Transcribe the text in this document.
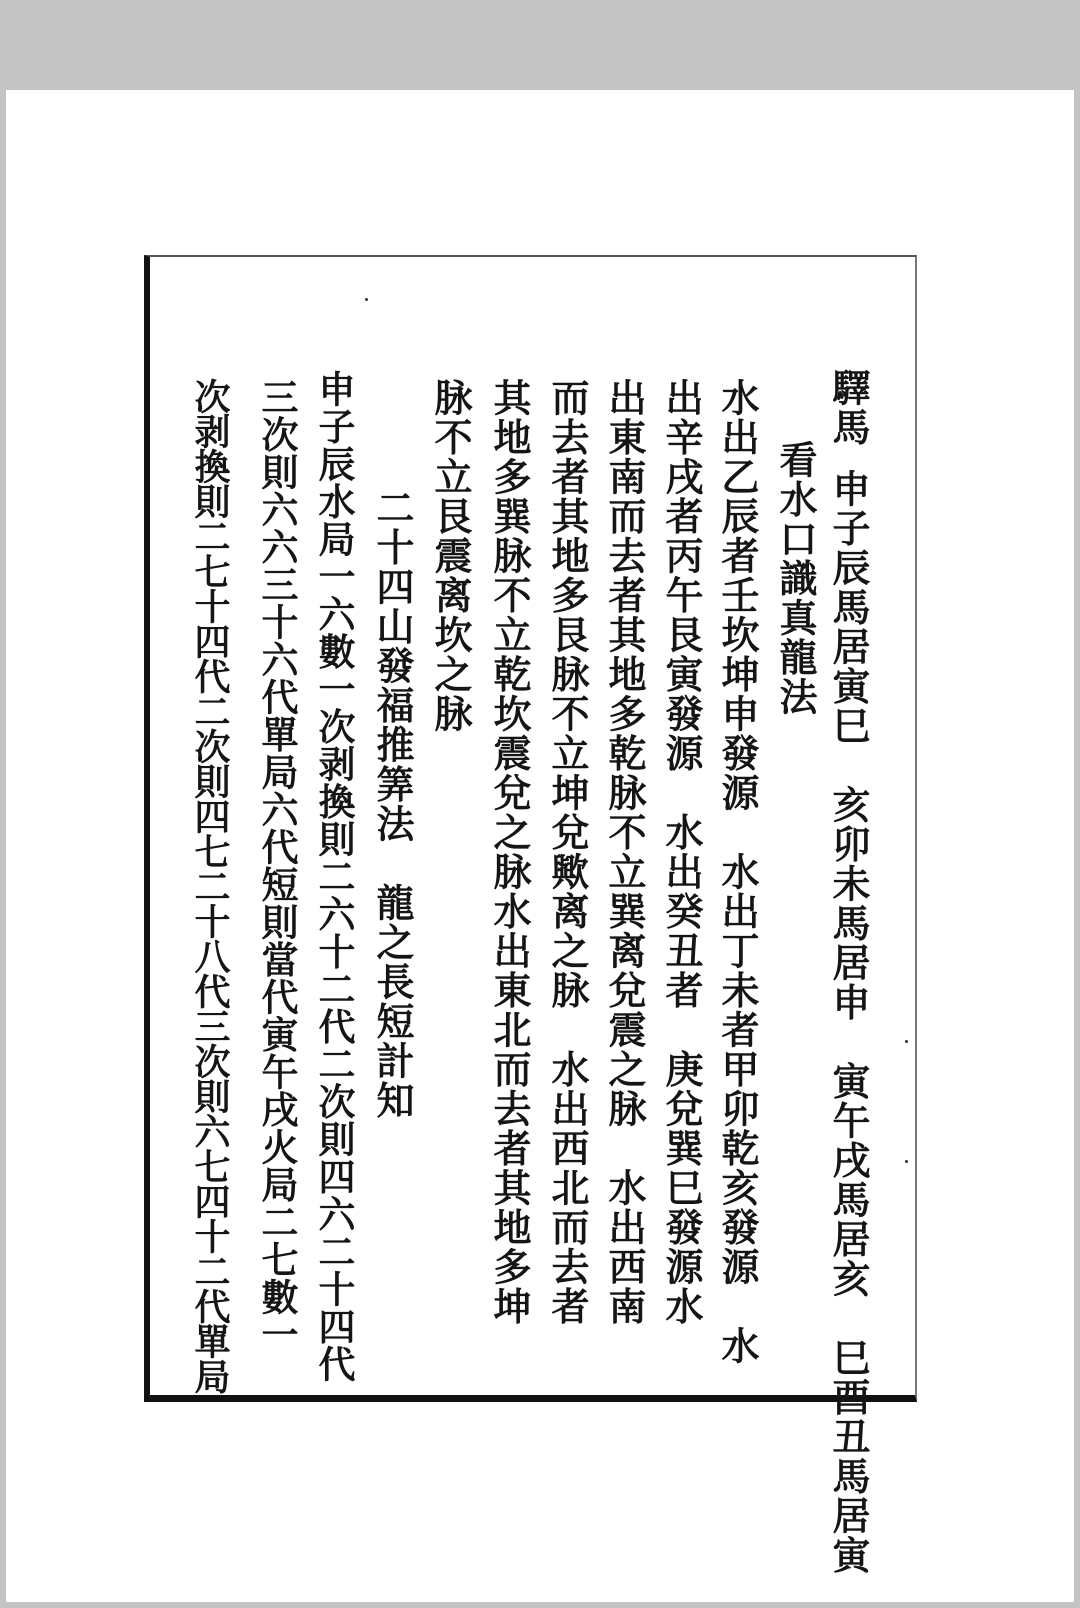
驛馬申子辰馬居寅巳　亥卯未馬居申　寅午戌馬居亥　巳酉丑馬居寅
看水口識真龍法
水出乙辰者壬坎坤申發源　水出丁未者甲卯乾亥發源　水
出辛戌者丙午艮寅發源　水出癸丑者　庚兌巽巳發源水
出東南而去者其地多乾脉不立巽离兌震之脉　水出西南
而去者其地多艮脉不立坤兌歟离之脉　水出西北而去者
其地多巽脉不立乾坎震兌之脉水出東北而去者其地多坤
脉不立艮震离坎之脉
二十四山發福推筭法　龍之長短計知
申子辰水局一六數一次剥換則二六十二代二次則四六二十四代
三次則六六三十六代單局六代短則當代寅午戌火局二七數一
次剥換則二七十四代二次則四七二十八代三次則六七四十二代單局
